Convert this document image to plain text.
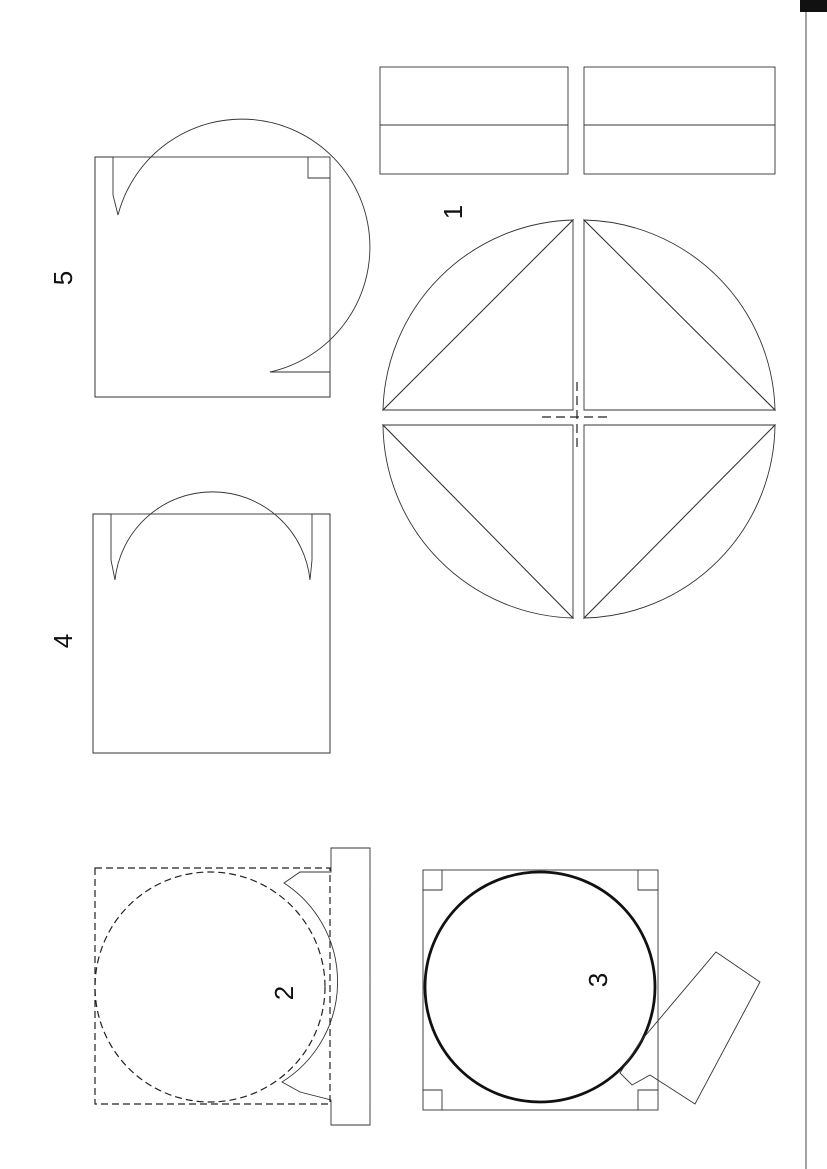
5
4
1
2
3
